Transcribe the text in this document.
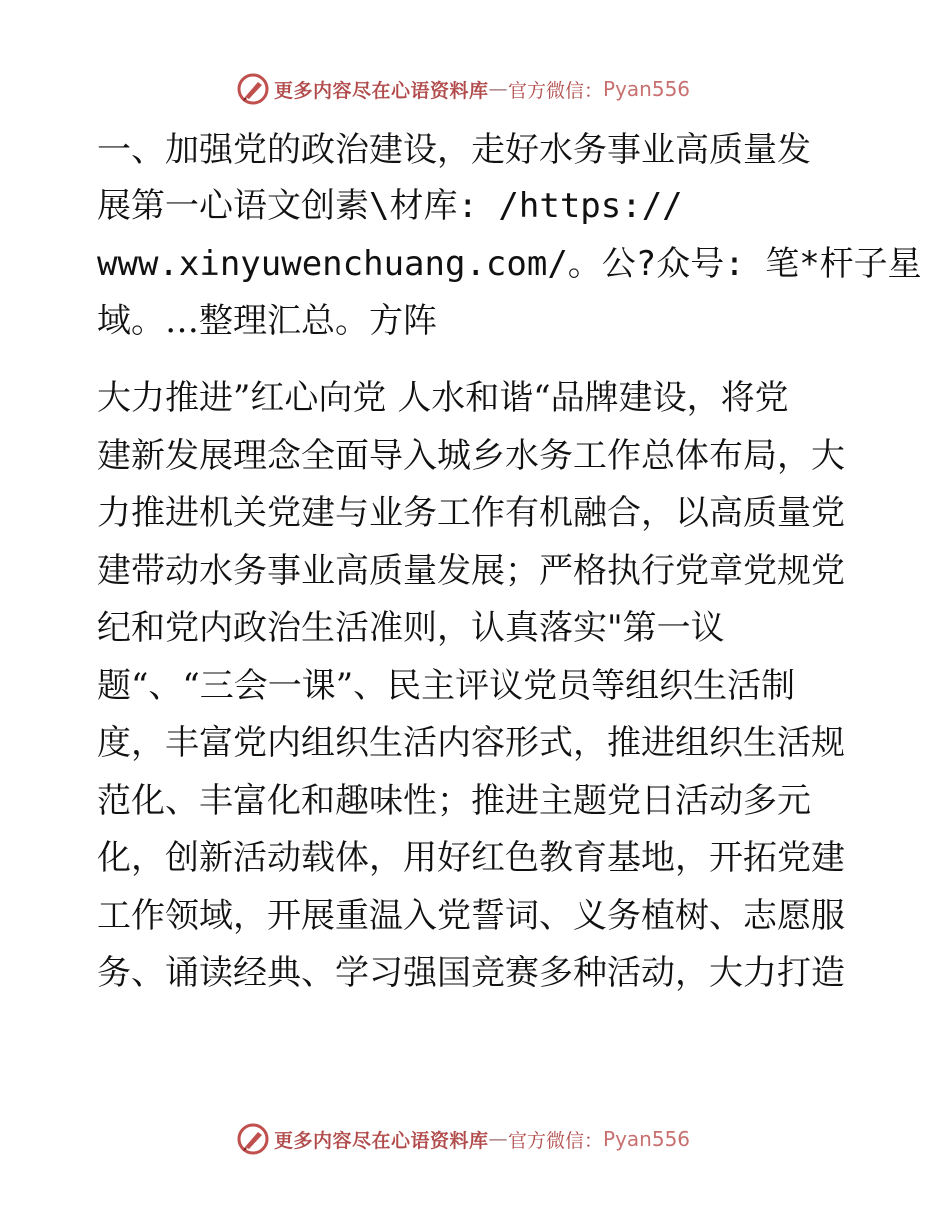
更多内容尽在心语资料库 — 官方微信： Pyan556
一、加强党的政治建设，走好水务事业高质量发
展第一心语文创素\材库: /https://
www.xinyuwenchuang.com/。公?众号: 笔*杆子星
域。…整理汇总。方阵
大力推进”红心向党 人水和谐“品牌建设，将党
建新发展理念全面导入城乡水务工作总体布局，大
力推进机关党建与业务工作有机融合，以高质量党
建带动水务事业高质量发展；严格执行党章党规党
纪和党内政治生活准则，认真落实"第一议
题“、“三会一课”、民主评议党员等组织生活制
度，丰富党内组织生活内容形式，推进组织生活规
范化、丰富化和趣味性；推进主题党日活动多元
化，创新活动载体，用好红色教育基地，开拓党建
工作领域，开展重温入党誓词、义务植树、志愿服
务、诵读经典、学习强国竞赛多种活动，大力打造
更多内容尽在心语资料库 — 官方微信： Pyan556
